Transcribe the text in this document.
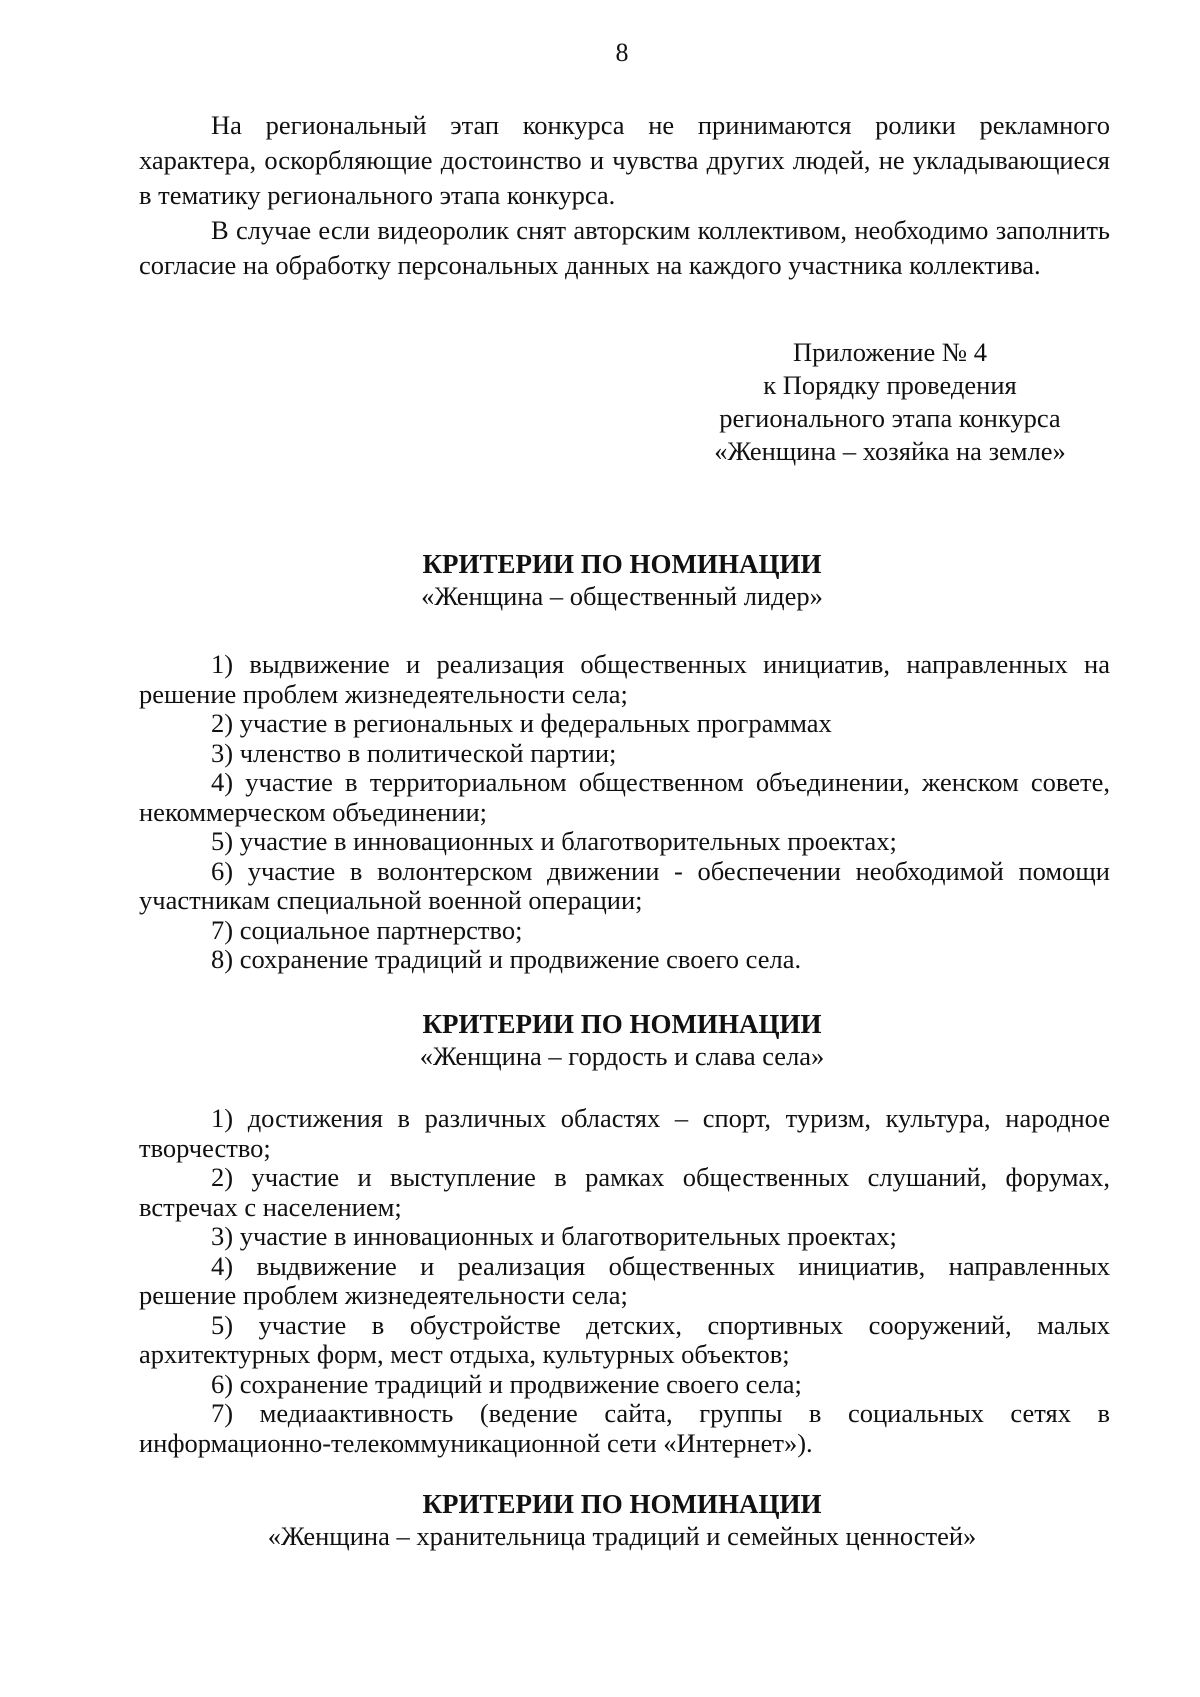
8

На региональный этап конкурса не принимаются ролики рекламного характера, оскорбляющие достоинство и чувства других людей, не укладывающиеся в тематику регионального этапа конкурса.

В случае если видеоролик снят авторским коллективом, необходимо заполнить согласие на обработку персональных данных на каждого участника коллектива.

Приложение № 4
к Порядку проведения
регионального этапа конкурса
«Женщина – хозяйка на земле»
КРИТЕРИИ ПО НОМИНАЦИИ
«Женщина – общественный лидер»

1) выдвижение и реализация общественных инициатив, направленных на решение проблем жизнедеятельности села;

2) участие в региональных и федеральных программах

3) членство в политической партии;

4) участие в территориальном общественном объединении, женском совете, некоммерческом объединении;

5) участие в инновационных и благотворительных проектах;

6) участие в волонтерском движении - обеспечении необходимой помощи участникам специальной военной операции;

7) социальное партнерство;

8) сохранение традиций и продвижение своего села.

КРИТЕРИИ ПО НОМИНАЦИИ
«Женщина – гордость и слава села»

1) достижения в различных областях – спорт, туризм, культура, народное творчество;

2) участие и выступление в рамках общественных слушаний, форумах, встречах с населением;

3) участие в инновационных и благотворительных проектах;

4) выдвижение и реализация общественных инициатив, направленных решение проблем жизнедеятельности села;

5) участие в обустройстве детских, спортивных сооружений, малых архитектурных форм, мест отдыха, культурных объектов;

6) сохранение традиций и продвижение своего села;

7) медиаактивность (ведение сайта, группы в социальных сетях в информационно-телекоммуникационной сети «Интернет»).

КРИТЕРИИ ПО НОМИНАЦИИ
«Женщина – хранительница традиций и семейных ценностей»
